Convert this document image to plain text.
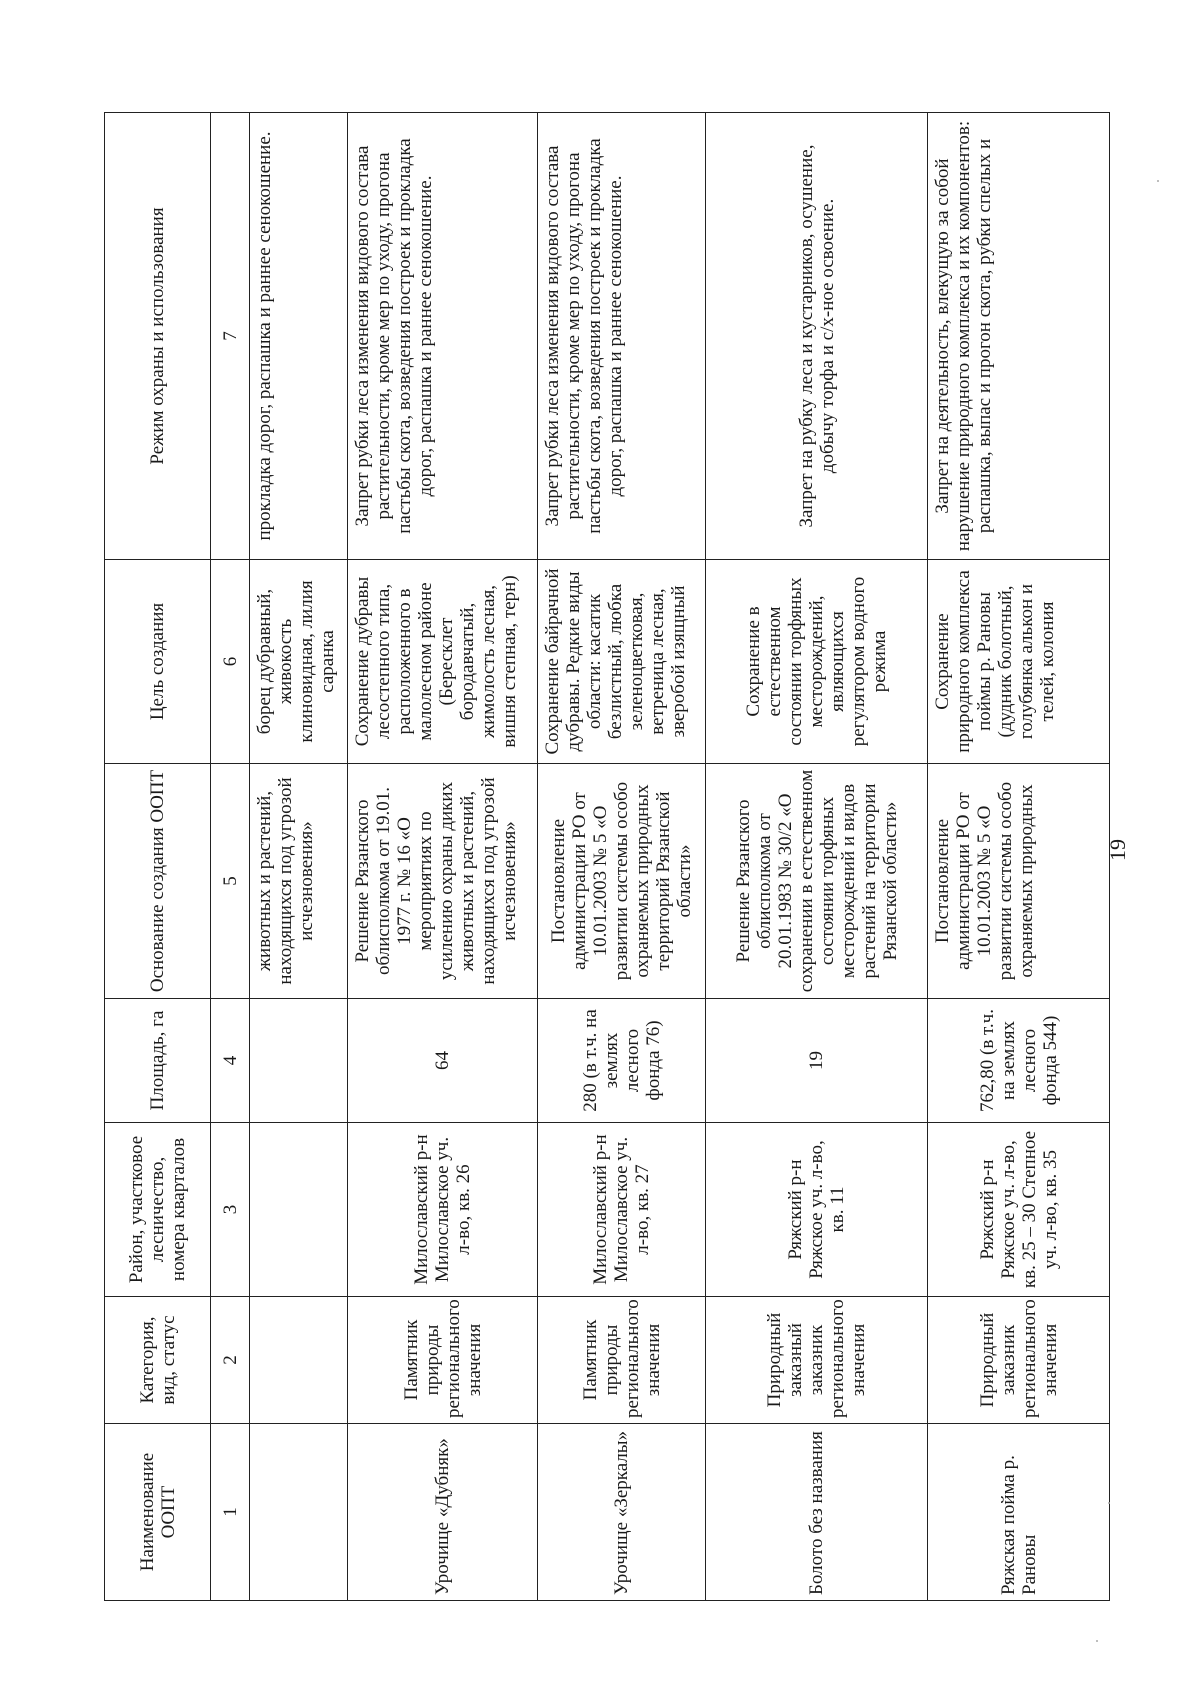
Наименование ООПТ	Категория, вид, статус	Район, участковое лесничество, номера кварталов	Площадь, га	Основание создания ООПТ	Цель создания	Режим охраны и использования
1	2	3	4	5	6	7
				животных и растений, находящихся под угрозой исчезновения»	борец дубравный, живокость клиновидная, лилия саранка	прокладка дорог, распашка и раннее сенокошение.
Урочище «Дубняк»	Памятник природы регионального значения	Милославский р-н Милославское уч. л-во, кв. 26	64	Решение Рязанского облисполкома от 19.01. 1977 г. № 16 «О мероприятиях по усилению охраны диких животных и растений, находящихся под угрозой исчезновения»	Сохранение дубравы лесостепного типа, расположенного в малолесном районе (Бересклет бородавчатый, жимолость лесная, вишня степная, терн)	Запрет рубки леса изменения видового состава растительности, кроме мер по уходу, прогона пастьбы скота, возведения построек и прокладка дорог, распашка и раннее сенокошение.
Урочище «Зеркалы»	Памятник природы регионального значения	Милославский р-н Милославское уч. л-во, кв. 27	280 (в т.ч. на землях лесного фонда 76)	Постановление администрации РО от 10.01.2003 № 5 «О развитии системы особо охраняемых природных территорий Рязанской области»	Сохранение байрачной дубравы. Редкие виды области: касатик безлистный, любка зеленоцветковая, ветреница лесная, зверобой изящный	Запрет рубки леса изменения видового состава растительности, кроме мер по уходу, прогона пастьбы скота, возведения построек и прокладка дорог, распашка и раннее сенокошение.
Болото без названия	Природный заказный заказник регионального значения	Ряжский р-н Ряжское уч. л-во, кв. 11	19	Решение Рязанского облисполкома от 20.01.1983 № 30/2 «О сохранении в естественном состоянии торфяных месторождений и видов растений на территории Рязанской области»	Сохранение в естественном состоянии торфяных месторождений, являющихся регулятором водного режима	Запрет на рубку леса и кустарников, осушение, добычу торфа и с/х-ное освоение.
Ряжская пойма р. Рановы	Природный заказник регионального значения	Ряжский р-н Ряжское уч. л-во, кв. 25 – 30 Степное уч. л-во, кв. 35	762,80 (в т.ч. на землях лесного фонда 544)	Постановление администрации РО от 10.01.2003 № 5 «О развитии системы особо охраняемых природных	Сохранение природного комплекса поймы р. Рановы (дудник болотный, голубянка алькон и телей, колония	Запрет на деятельность, влекущую за собой нарушение природного комплекса и их компонентов: распашка, выпас и прогон скота, рубки спелых и
19
